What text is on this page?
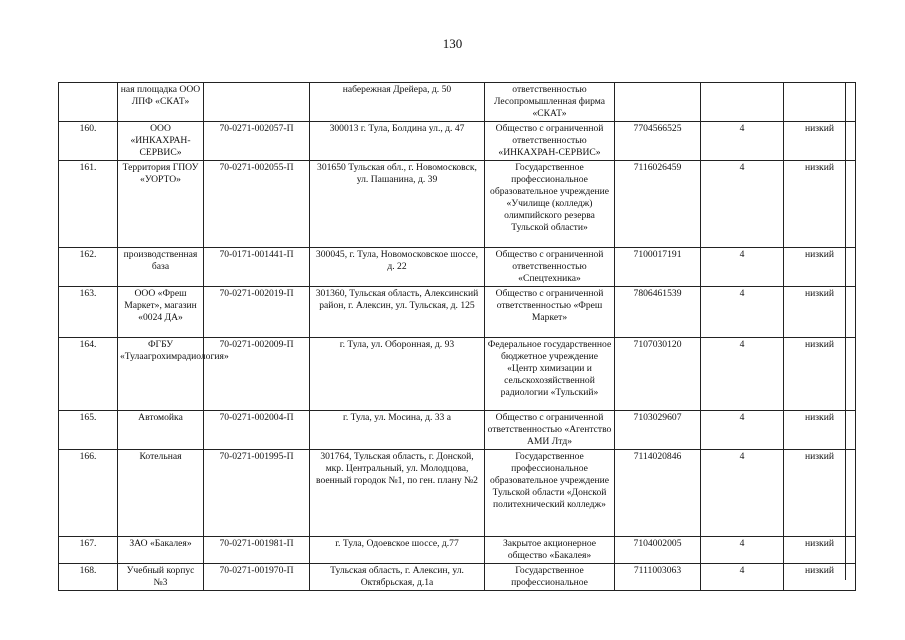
130
	ная площадка ООО ЛПФ «СКАТ»		набережная Дрейера, д. 50	ответственностью Лесопромышленная фирма «СКАТ»			
160.	ООО «ИНКАХРАН-СЕРВИС»	70-0271-002057-П	300013 г. Тула, Болдина ул., д. 47	Общество с ограниченной ответственностью «ИНКАХРАН-СЕРВИС»	7704566525	4	низкий
161.	Территория ГПОУ «УОРТО»	70-0271-002055-П	301650 Тульская обл., г. Новомосковск, ул. Пашанина, д. 39	Государственное профессиональное образовательное учреждение «Училище (колледж) олимпийского резерва Тульской области»	7116026459	4	низкий
162.	производственная база	70-0171-001441-П	300045, г. Тула, Новомосковское шоссе, д. 22	Общество с ограниченной ответственностью «Спецтехника»	7100017191	4	низкий
163.	ООО «Фреш Маркет», магазин «0024 ДА»	70-0271-002019-П	301360, Тульская область, Алексинский район, г. Алексин, ул. Тульская, д. 125	Общество с ограниченной ответственностью «Фреш Маркет»	7806461539	4	низкий
164.	ФГБУ «Тулаагрохимрадиология»	70-0271-002009-П	г. Тула, ул. Оборонная, д. 93	Федеральное государственное бюджетное учреждение «Центр химизации и сельскохозяйственной радиологии «Тульский»	7107030120	4	низкий
165.	Автомойка	70-0271-002004-П	г. Тула, ул. Мосина, д. 33 а	Общество с ограниченной ответственностью «Агентство АМИ Лтд»	7103029607	4	низкий
166.	Котельная	70-0271-001995-П	301764, Тульская область, г. Донской, мкр. Центральный, ул. Молодцова, военный городок №1, по ген. плану №2	Государственное профессиональное образовательное учреждение Тульской области «Донской политехнический колледж»	7114020846	4	низкий
167.	ЗАО «Бакалея»	70-0271-001981-П	г. Тула, Одоевское шоссе, д.77	Закрытое акционерное общество «Бакалея»	7104002005	4	низкий
168.	Учебный корпус №3	70-0271-001970-П	Тульская область, г. Алексин, ул. Октябрьская, д.1а	Государственное профессиональное	7111003063	4	низкий
